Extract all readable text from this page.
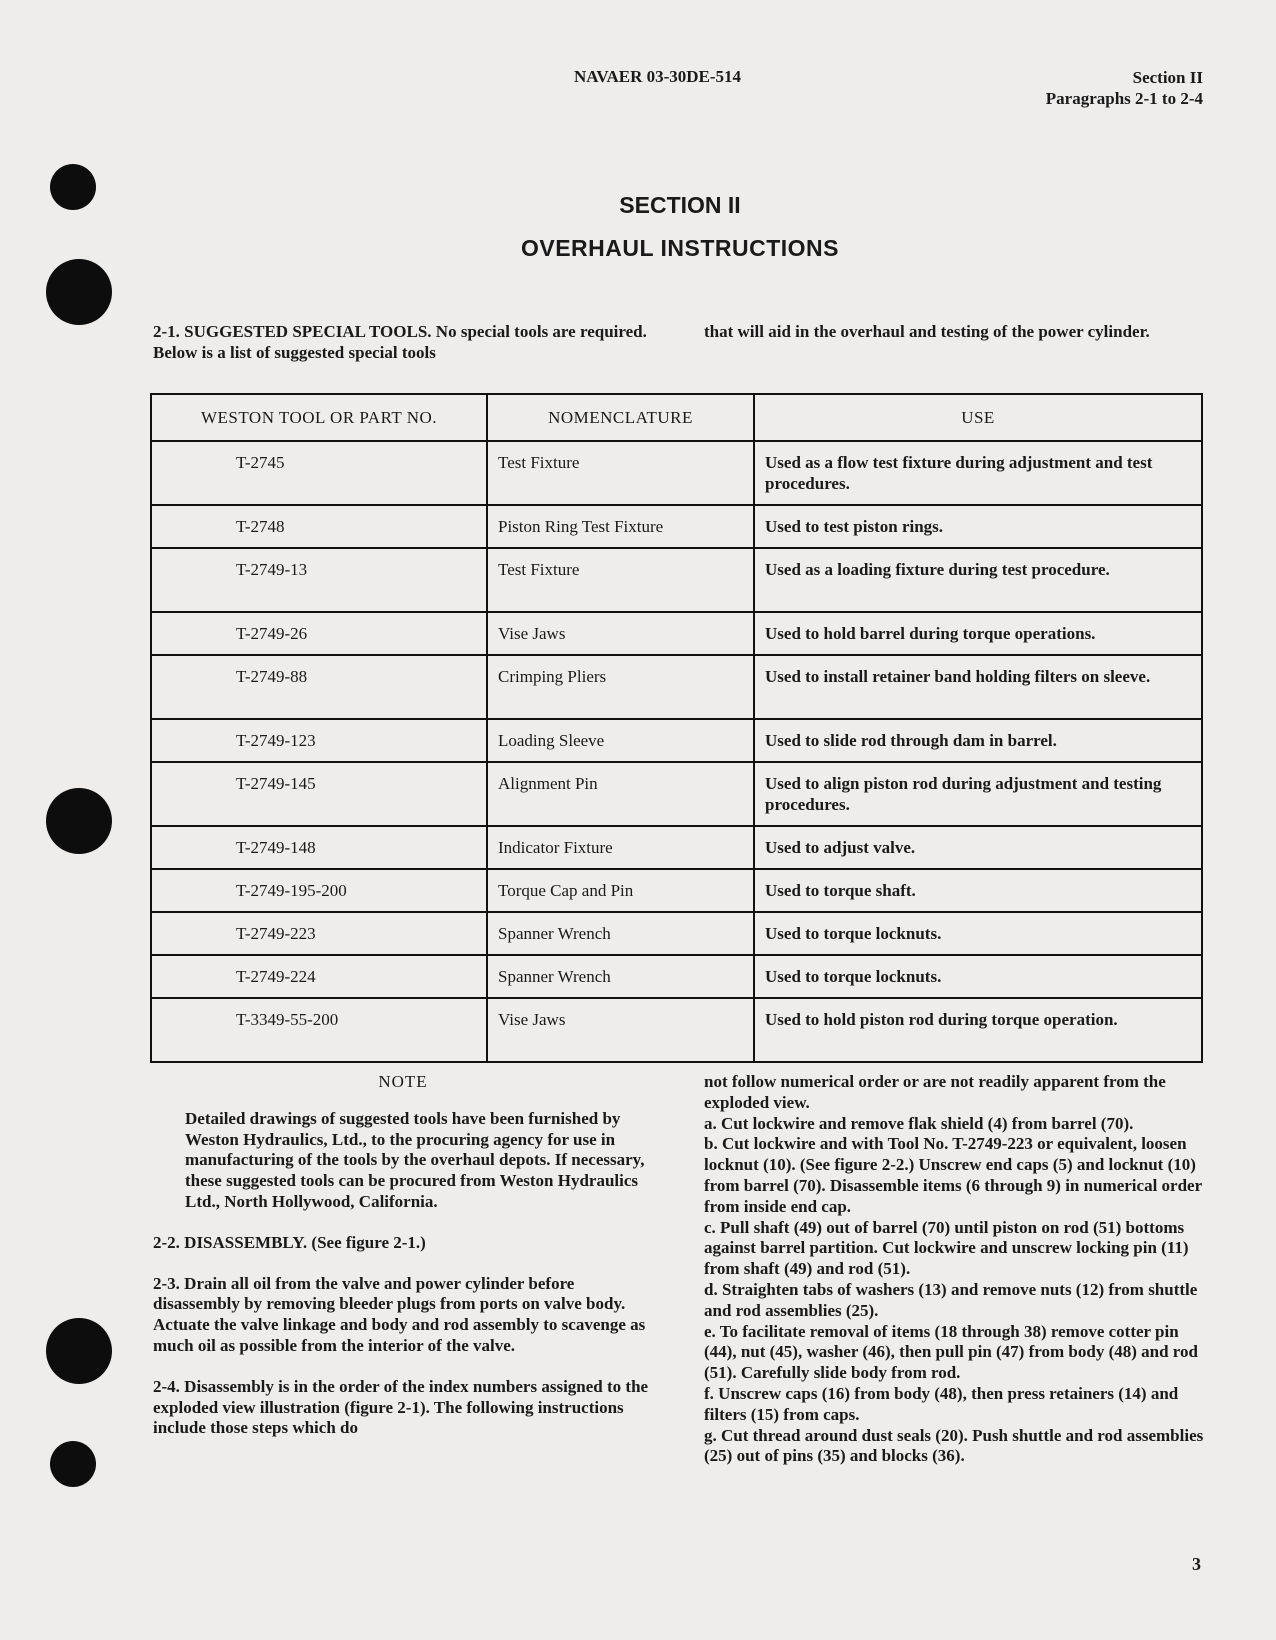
NAVAER 03-30DE-514	Section II
Paragraphs 2-1 to 2-4
SECTION II
OVERHAUL INSTRUCTIONS

2-1. SUGGESTED SPECIAL TOOLS. No special tools are required. Below is a list of suggested special tools

that will aid in the overhaul and testing of the power cylinder.

WESTON TOOL OR PART NO.	NOMENCLATURE	USE
T-2745	Test Fixture	Used as a flow test fixture during adjustment and test procedures.
T-2748	Piston Ring Test Fixture	Used to test piston rings.
T-2749-13	Test Fixture	Used as a loading fixture during test procedure.
T-2749-26	Vise Jaws	Used to hold barrel during torque operations.
T-2749-88	Crimping Pliers	Used to install retainer band holding filters on sleeve.
T-2749-123	Loading Sleeve	Used to slide rod through dam in barrel.
T-2749-145	Alignment Pin	Used to align piston rod during adjustment and testing procedures.
T-2749-148	Indicator Fixture	Used to adjust valve.
T-2749-195-200	Torque Cap and Pin	Used to torque shaft.
T-2749-223	Spanner Wrench	Used to torque locknuts.
T-2749-224	Spanner Wrench	Used to torque locknuts.
T-3349-55-200	Vise Jaws	Used to hold piston rod during torque operation.

NOTE

Detailed drawings of suggested tools have been furnished by Weston Hydraulics, Ltd., to the procuring agency for use in manufacturing of the tools by the overhaul depots. If necessary, these suggested tools can be procured from Weston Hydraulics Ltd., North Hollywood, California.

2-2. DISASSEMBLY. (See figure 2-1.)

2-3. Drain all oil from the valve and power cylinder before disassembly by removing bleeder plugs from ports on valve body. Actuate the valve linkage and body and rod assembly to scavenge as much oil as possible from the interior of the valve.

2-4. Disassembly is in the order of the index numbers assigned to the exploded view illustration (figure 2-1). The following instructions include those steps which do

not follow numerical order or are not readily apparent from the exploded view.

a. Cut lockwire and remove flak shield (4) from barrel (70).

b. Cut lockwire and with Tool No. T-2749-223 or equivalent, loosen locknut (10). (See figure 2-2.) Unscrew end caps (5) and locknut (10) from barrel (70). Disassemble items (6 through 9) in numerical order from inside end cap.

c. Pull shaft (49) out of barrel (70) until piston on rod (51) bottoms against barrel partition. Cut lockwire and unscrew locking pin (11) from shaft (49) and rod (51).

d. Straighten tabs of washers (13) and remove nuts (12) from shuttle and rod assemblies (25).

e. To facilitate removal of items (18 through 38) remove cotter pin (44), nut (45), washer (46), then pull pin (47) from body (48) and rod (51). Carefully slide body from rod.

f. Unscrew caps (16) from body (48), then press retainers (14) and filters (15) from caps.

g. Cut thread around dust seals (20). Push shuttle and rod assemblies (25) out of pins (35) and blocks (36).

3
